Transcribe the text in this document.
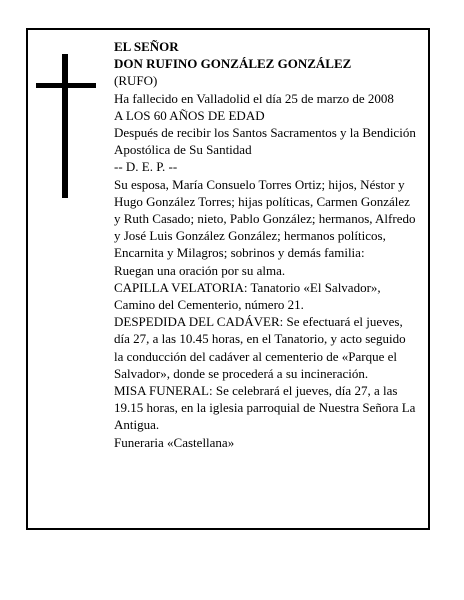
EL SEÑOR

DON RUFINO GONZÁLEZ GONZÁLEZ

(RUFO)

Ha fallecido en Valladolid el día 25 de marzo de 2008

A LOS 60 AÑOS DE EDAD

Después de recibir los Santos Sacramentos y la Bendición Apostólica de Su Santidad

-- D. E. P. --

Su esposa, María Consuelo Torres Ortiz; hijos, Néstor y Hugo González Torres; hijas políticas, Carmen González y Ruth Casado; nieto, Pablo González; hermanos, Alfredo y José Luis González González; hermanos políticos, Encarnita y Milagros; sobrinos y demás familia:

Ruegan una oración por su alma.

CAPILLA VELATORIA: Tanatorio «El Salvador», Camino del Cementerio, número 21.

DESPEDIDA DEL CADÁVER: Se efectuará el jueves, día 27, a las 10.45 horas, en el Tanatorio, y acto seguido la conducción del cadáver al cementerio de «Parque el Salvador», donde se procederá a su incineración.

MISA FUNERAL: Se celebrará el jueves, día 27, a las 19.15 horas, en la iglesia parroquial de Nuestra Señora La Antigua.

Funeraria «Castellana»
